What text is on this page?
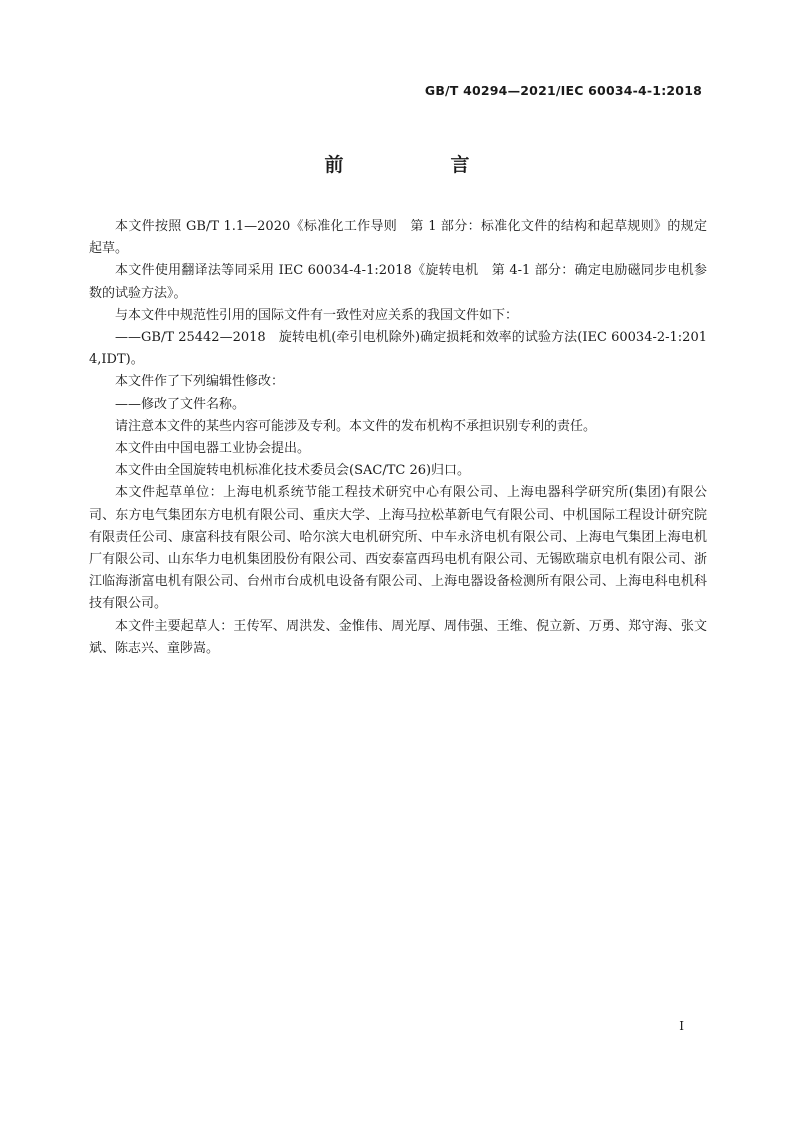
GB/T 40294—2021/IEC 60034-4-1:2018
前　言

本文件按照 GB/T 1.1—2020《标准化工作导则　第 1 部分：标准化文件的结构和起草规则》的规定起草。

本文件使用翻译法等同采用 IEC 60034-4-1:2018《旋转电机　第 4-1 部分：确定电励磁同步电机参数的试验方法》。

与本文件中规范性引用的国际文件有一致性对应关系的我国文件如下：

——GB/T 25442—2018　旋转电机(牵引电机除外)确定损耗和效率的试验方法(IEC 60034-2-1:2014,IDT)。

本文件作了下列编辑性修改：

——修改了文件名称。

请注意本文件的某些内容可能涉及专利。本文件的发布机构不承担识别专利的责任。

本文件由中国电器工业协会提出。

本文件由全国旋转电机标准化技术委员会(SAC/TC 26)归口。

本文件起草单位：上海电机系统节能工程技术研究中心有限公司、上海电器科学研究所(集团)有限公司、东方电气集团东方电机有限公司、重庆大学、上海马拉松革新电气有限公司、中机国际工程设计研究院有限责任公司、康富科技有限公司、哈尔滨大电机研究所、中车永济电机有限公司、上海电气集团上海电机厂有限公司、山东华力电机集团股份有限公司、西安泰富西玛电机有限公司、无锡欧瑞京电机有限公司、浙江临海浙富电机有限公司、台州市台成机电设备有限公司、上海电器设备检测所有限公司、上海电科电机科技有限公司。

本文件主要起草人：王传军、周洪发、金惟伟、周光厚、周伟强、王维、倪立新、万勇、郑守海、张文斌、陈志兴、童陟嵩。

Ⅰ
